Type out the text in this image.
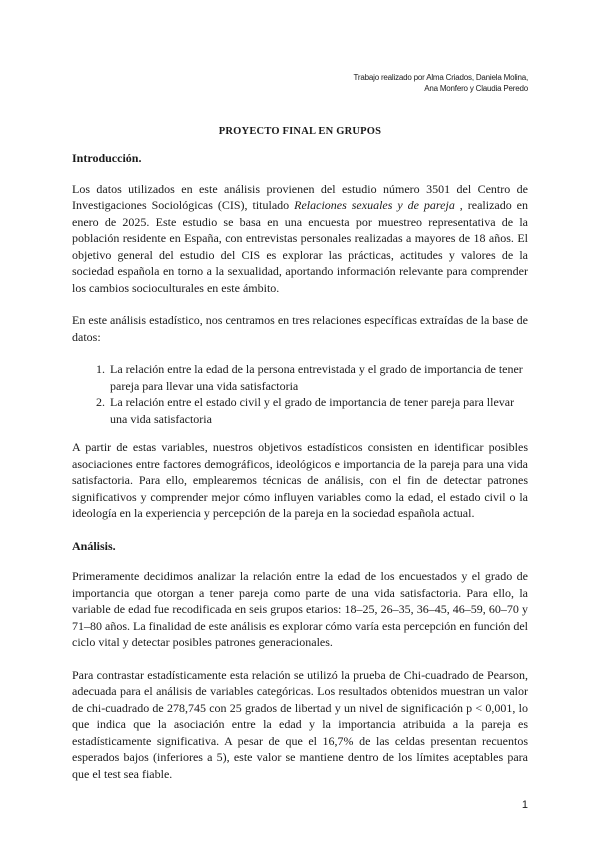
Trabajo realizado por Alma Criados, Daniela Molina,
Ana Monfero y Claudia Peredo
PROYECTO FINAL EN GRUPOS
Introducción.

Los datos utilizados en este análisis provienen del estudio número 3501 del Centro de Investigaciones Sociológicas (CIS), titulado Relaciones sexuales y de pareja , realizado en enero de 2025. Este estudio se basa en una encuesta por muestreo representativa de la población residente en España, con entrevistas personales realizadas a mayores de 18 años. El objetivo general del estudio del CIS es explorar las prácticas, actitudes y valores de la sociedad española en torno a la sexualidad, aportando información relevante para comprender los cambios socioculturales en este ámbito.

En este análisis estadístico, nos centramos en tres relaciones específicas extraídas de la base de datos:

1. La relación entre la edad de la persona entrevistada y el grado de importancia de tener pareja para llevar una vida satisfactoria
2. La relación entre el estado civil y el grado de importancia de tener pareja para llevar una vida satisfactoria

A partir de estas variables, nuestros objetivos estadísticos consisten en identificar posibles asociaciones entre factores demográficos, ideológicos e importancia de la pareja para una vida satisfactoria. Para ello, emplearemos técnicas de análisis, con el fin de detectar patrones significativos y comprender mejor cómo influyen variables como la edad, el estado civil o la ideología en la experiencia y percepción de la pareja en la sociedad española actual.

Análisis.

Primeramente decidimos analizar la relación entre la edad de los encuestados y el grado de importancia que otorgan a tener pareja como parte de una vida satisfactoria. Para ello, la variable de edad fue recodificada en seis grupos etarios: 18–25, 26–35, 36–45, 46–59, 60–70 y 71–80 años. La finalidad de este análisis es explorar cómo varía esta percepción en función del ciclo vital y detectar posibles patrones generacionales.

Para contrastar estadísticamente esta relación se utilizó la prueba de Chi-cuadrado de Pearson, adecuada para el análisis de variables categóricas. Los resultados obtenidos muestran un valor de chi-cuadrado de 278,745 con 25 grados de libertad y un nivel de significación p < 0,001, lo que indica que la asociación entre la edad y la importancia atribuida a la pareja es estadísticamente significativa. A pesar de que el 16,7% de las celdas presentan recuentos esperados bajos (inferiores a 5), este valor se mantiene dentro de los límites aceptables para que el test sea fiable.

1
